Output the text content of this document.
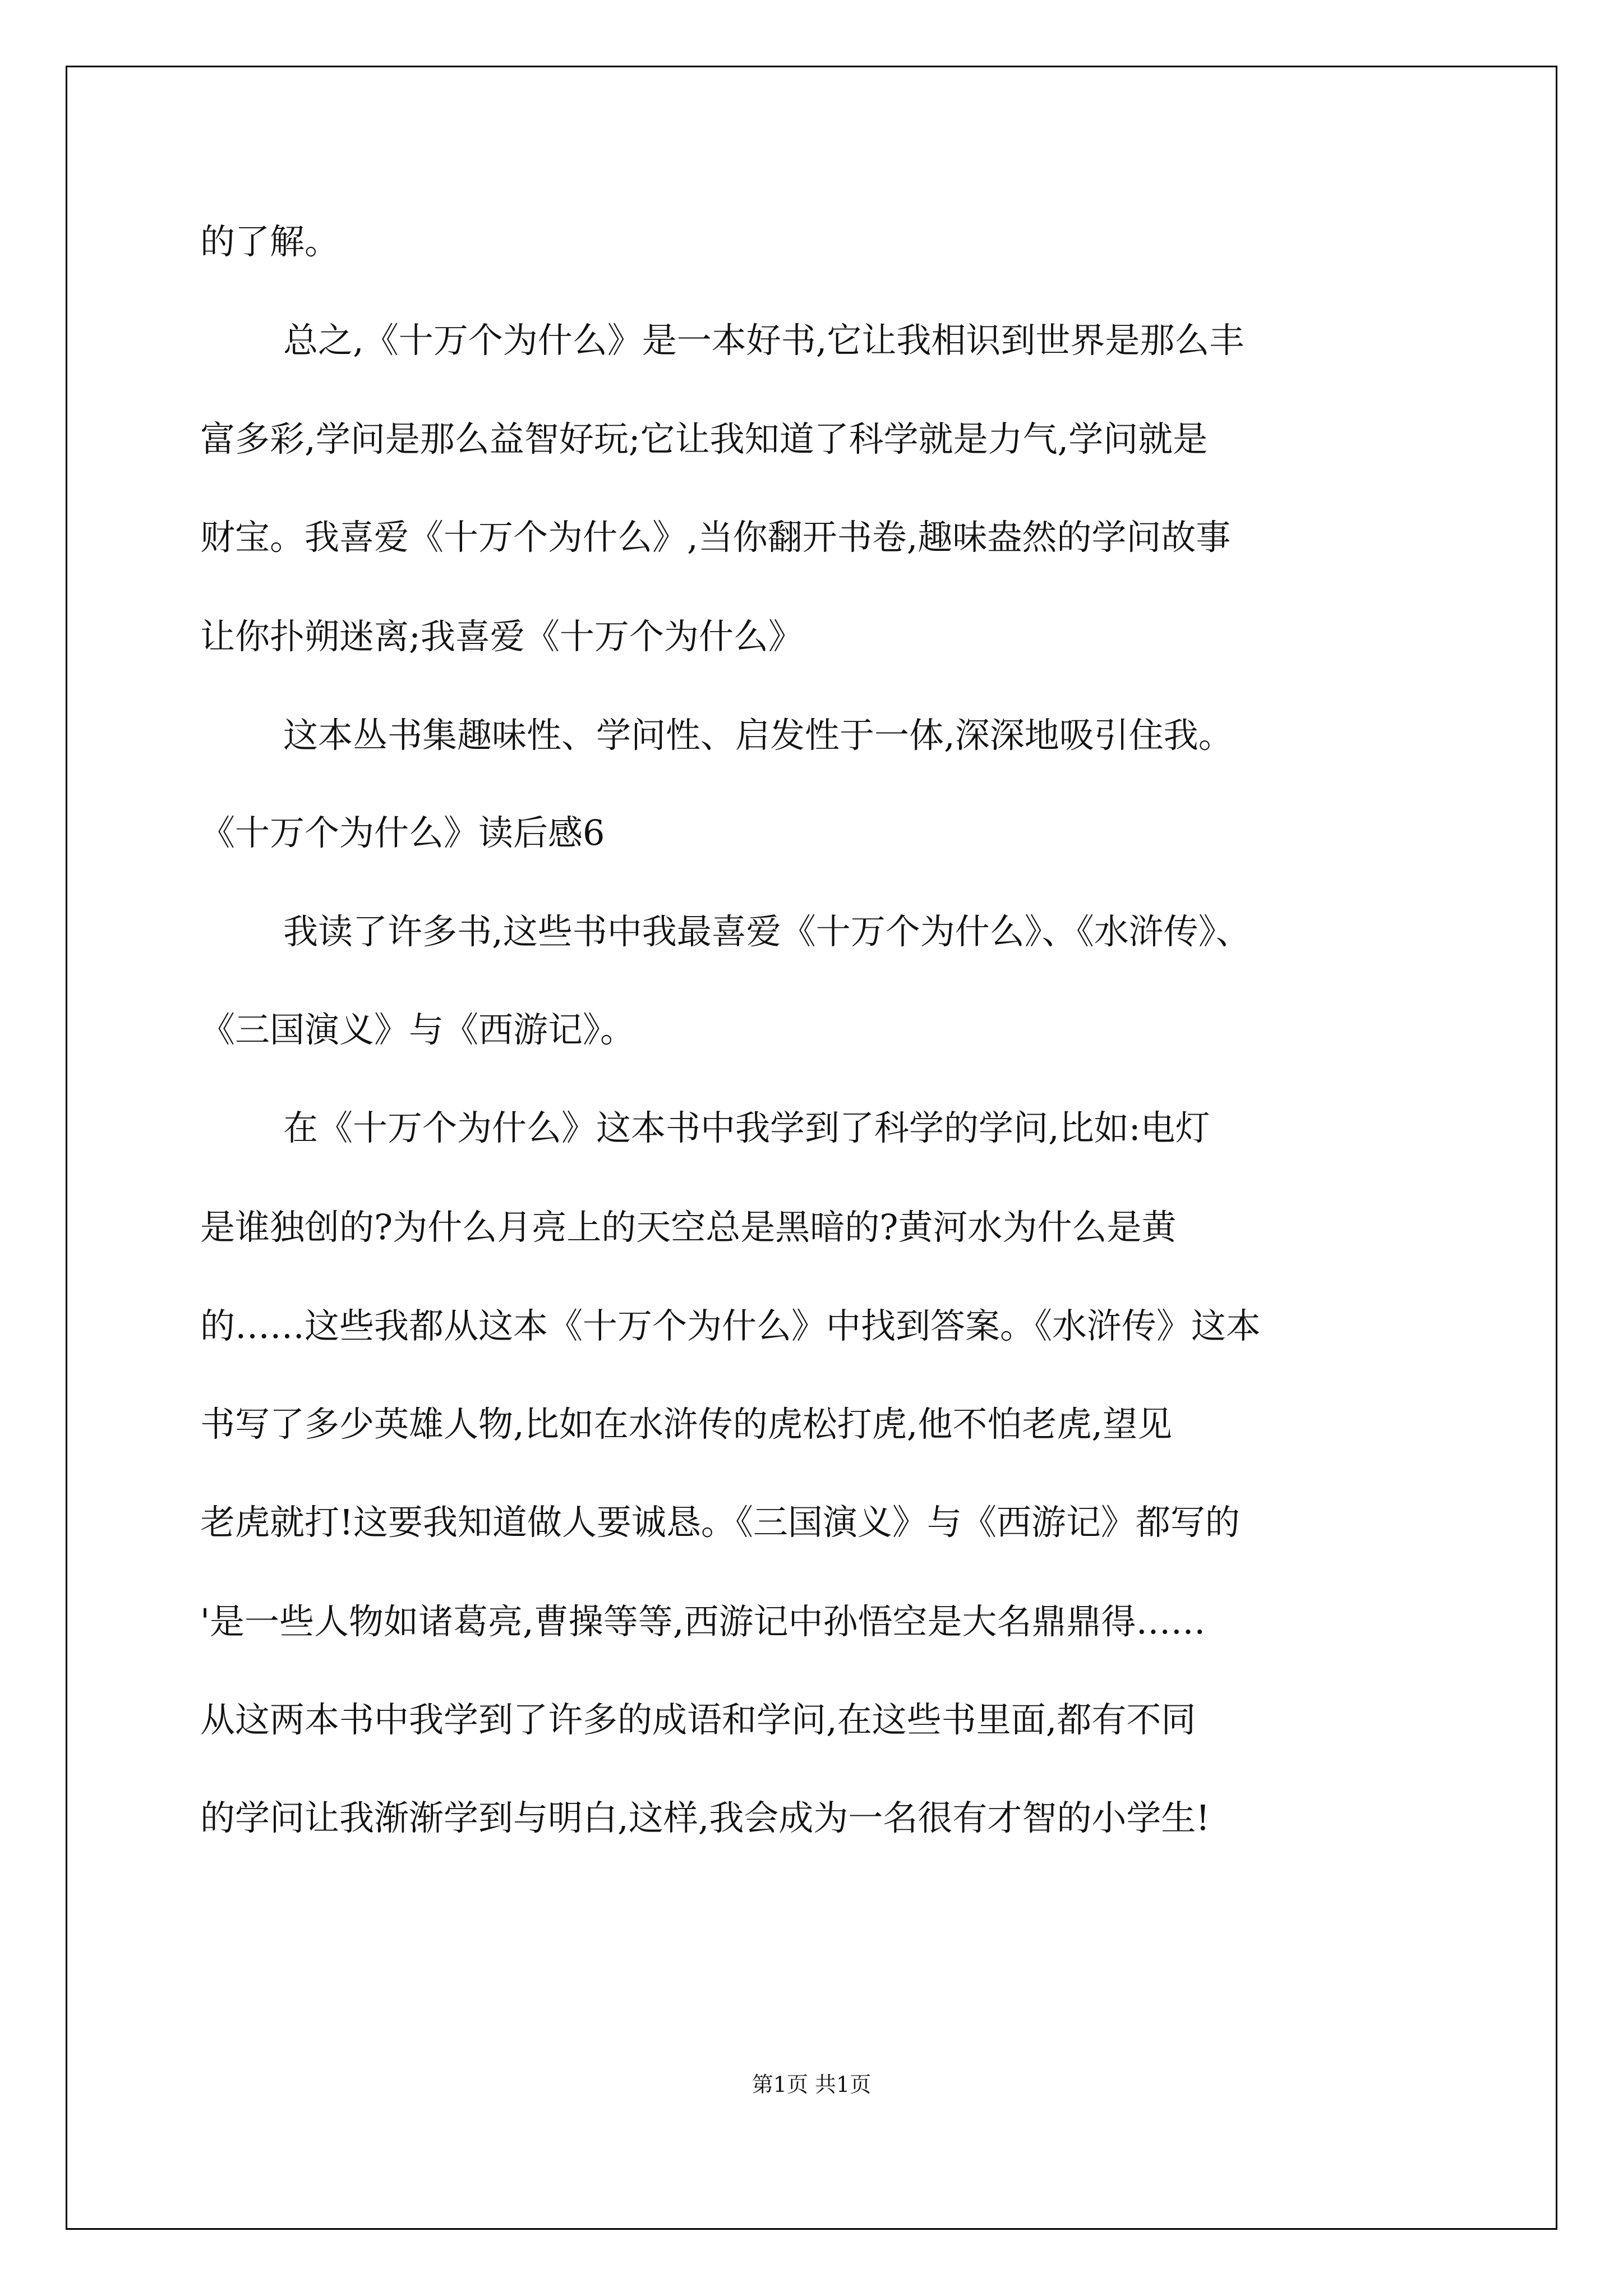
的了解。
总之,《十万个为什么》是一本好书,它让我相识到世界是那么丰
富多彩,学问是那么益智好玩;它让我知道了科学就是力气,学问就是
财宝。我喜爱《十万个为什么》,当你翻开书卷,趣味盎然的学问故事
让你扑朔迷离;我喜爱《十万个为什么》
这本丛书集趣味性、学问性、启发性于一体,深深地吸引住我。
《十万个为什么》读后感6
我读了许多书,这些书中我最喜爱《十万个为什么》、《水浒传》、
《三国演义》与《西游记》。
在《十万个为什么》这本书中我学到了科学的学问,比如:电灯
是谁独创的?为什么月亮上的天空总是黑暗的?黄河水为什么是黄
的……这些我都从这本《十万个为什么》中找到答案。《水浒传》这本
书写了多少英雄人物,比如在水浒传的虎松打虎,他不怕老虎,望见
老虎就打!这要我知道做人要诚恳。《三国演义》与《西游记》都写的
'是一些人物如诸葛亮,曹操等等,西游记中孙悟空是大名鼎鼎得……
从这两本书中我学到了许多的成语和学问,在这些书里面,都有不同
的学问让我渐渐学到与明白,这样,我会成为一名很有才智的小学生!
第1页 共1页
